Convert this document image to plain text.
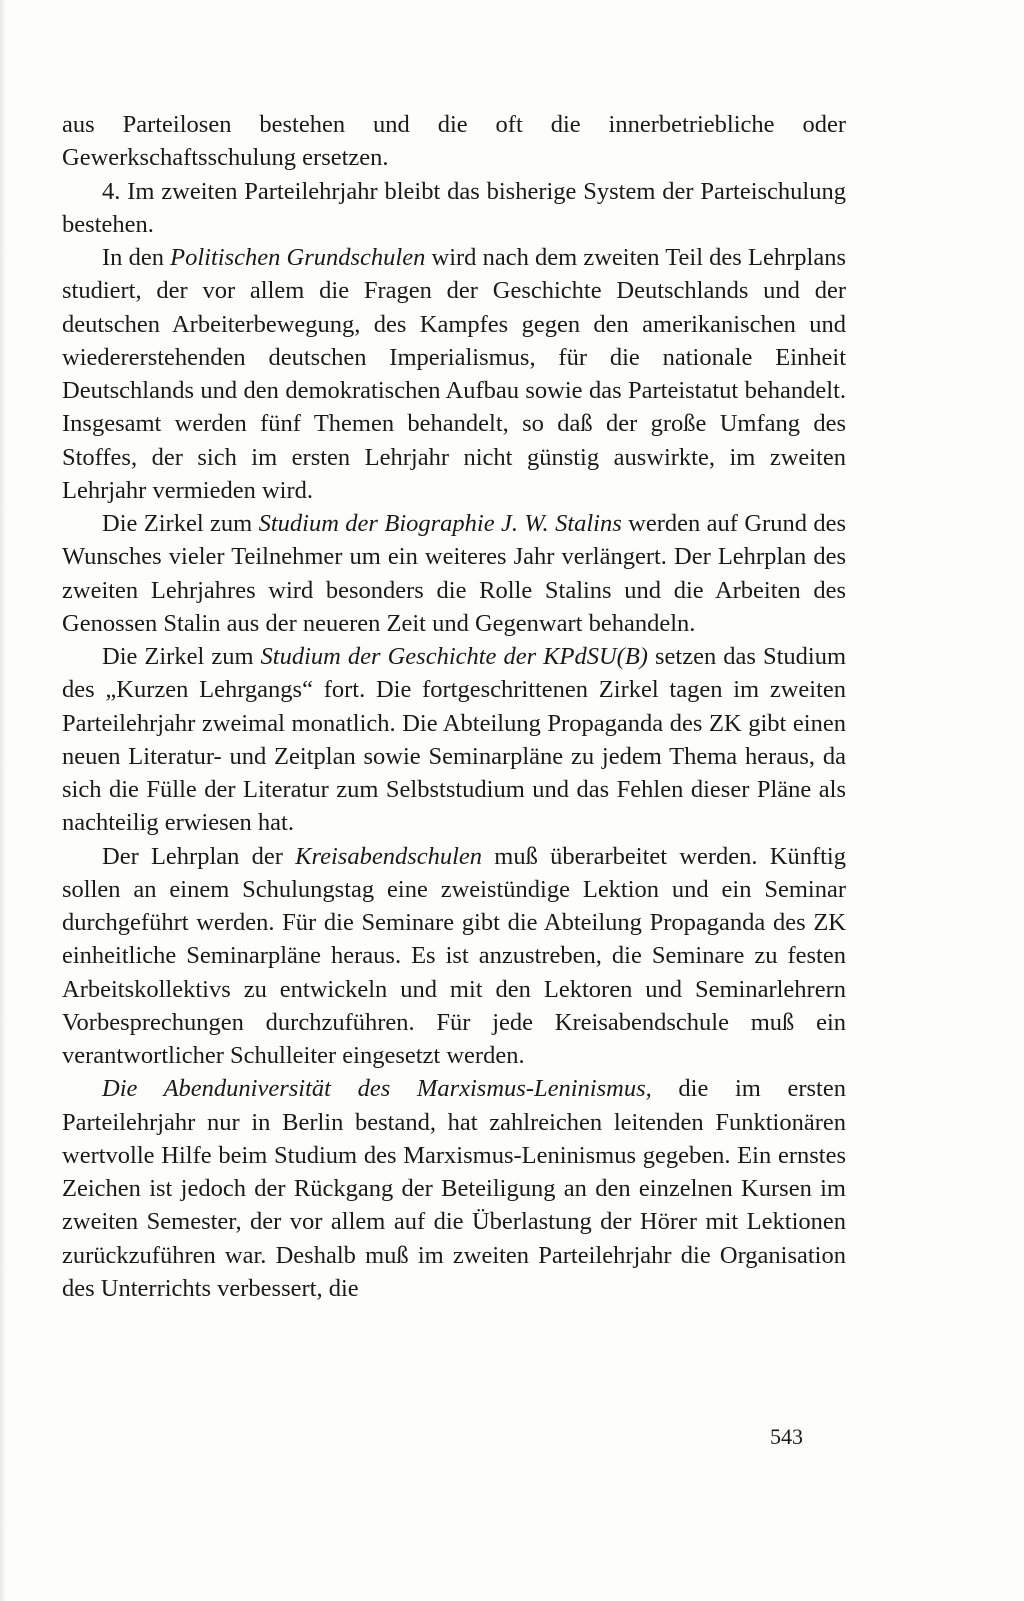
aus Parteilosen bestehen und die oft die innerbetriebliche oder Gewerkschaftsschulung ersetzen.

4. Im zweiten Parteilehrjahr bleibt das bisherige System der Parteischulung bestehen.

In den Politischen Grundschulen wird nach dem zweiten Teil des Lehrplans studiert, der vor allem die Fragen der Geschichte Deutschlands und der deutschen Arbeiterbewegung, des Kampfes gegen den amerikanischen und wiedererstehenden deutschen Imperialismus, für die nationale Einheit Deutschlands und den demokratischen Aufbau sowie das Parteistatut behandelt. Insgesamt werden fünf Themen behandelt, so daß der große Umfang des Stoffes, der sich im ersten Lehrjahr nicht günstig auswirkte, im zweiten Lehrjahr vermieden wird.

Die Zirkel zum Studium der Biographie J. W. Stalins werden auf Grund des Wunsches vieler Teilnehmer um ein weiteres Jahr verlängert. Der Lehrplan des zweiten Lehrjahres wird besonders die Rolle Stalins und die Arbeiten des Genossen Stalin aus der neueren Zeit und Gegenwart behandeln.

Die Zirkel zum Studium der Geschichte der KPdSU(B) setzen das Studium des „Kurzen Lehrgangs“ fort. Die fortgeschrittenen Zirkel tagen im zweiten Parteilehrjahr zweimal monatlich. Die Abteilung Propaganda des ZK gibt einen neuen Literatur- und Zeitplan sowie Seminarpläne zu jedem Thema heraus, da sich die Fülle der Literatur zum Selbststudium und das Fehlen dieser Pläne als nachteilig erwiesen hat.

Der Lehrplan der Kreisabendschulen muß überarbeitet werden. Künftig sollen an einem Schulungstag eine zweistündige Lektion und ein Seminar durchgeführt werden. Für die Seminare gibt die Abteilung Propaganda des ZK einheitliche Seminarpläne heraus. Es ist anzustreben, die Seminare zu festen Arbeitskollektivs zu entwickeln und mit den Lektoren und Seminarlehrern Vorbesprechungen durchzuführen. Für jede Kreisabendschule muß ein verantwortlicher Schulleiter eingesetzt werden.

Die Abenduniversität des Marxismus-Leninismus, die im ersten Parteilehrjahr nur in Berlin bestand, hat zahlreichen leitenden Funktionären wertvolle Hilfe beim Studium des Marxismus-Leninismus gegeben. Ein ernstes Zeichen ist jedoch der Rückgang der Beteiligung an den einzelnen Kursen im zweiten Semester, der vor allem auf die Überlastung der Hörer mit Lektionen zurückzuführen war. Deshalb muß im zweiten Parteilehrjahr die Organisation des Unterrichts verbessert, die

543
